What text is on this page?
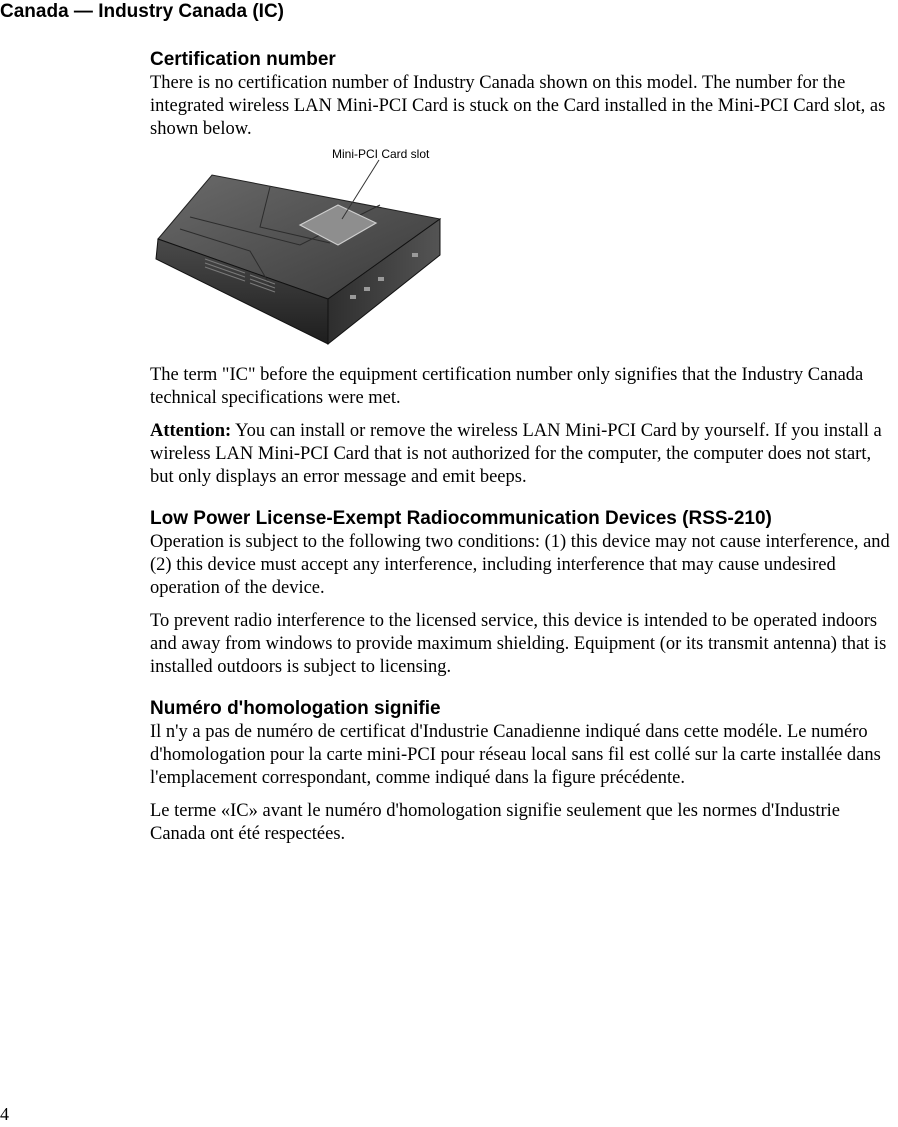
Canada — Industry Canada (IC)
Certification number

There is no certification number of Industry Canada shown on this model. The number for the integrated wireless LAN Mini-PCI Card is stuck on the Card installed in the Mini-PCI Card slot, as shown below.

Mini-PCI Card slot

The term "IC" before the equipment certification number only signifies that the Industry Canada technical specifications were met.

Attention: You can install or remove the wireless LAN Mini-PCI Card by yourself. If you install a wireless LAN Mini-PCI Card that is not authorized for the computer, the computer does not start, but only displays an error message and emit beeps.

Low Power License-Exempt Radiocommunication Devices (RSS-210)

Operation is subject to the following two conditions: (1) this device may not cause interference, and (2) this device must accept any interference, including interference that may cause undesired operation of the device.

To prevent radio interference to the licensed service, this device is intended to be operated indoors and away from windows to provide maximum shielding. Equipment (or its transmit antenna) that is installed outdoors is subject to licensing.

Numéro d'homologation signifie

Il n'y a pas de numéro de certificat d'Industrie Canadienne indiqué dans cette modéle. Le numéro d'homologation pour la carte mini-PCI pour réseau local sans fil est collé sur la carte installée dans l'emplacement correspondant, comme indiqué dans la figure précédente.

Le terme «IC» avant le numéro d'homologation signifie seulement que les normes d'Industrie Canada ont été respectées.

4
